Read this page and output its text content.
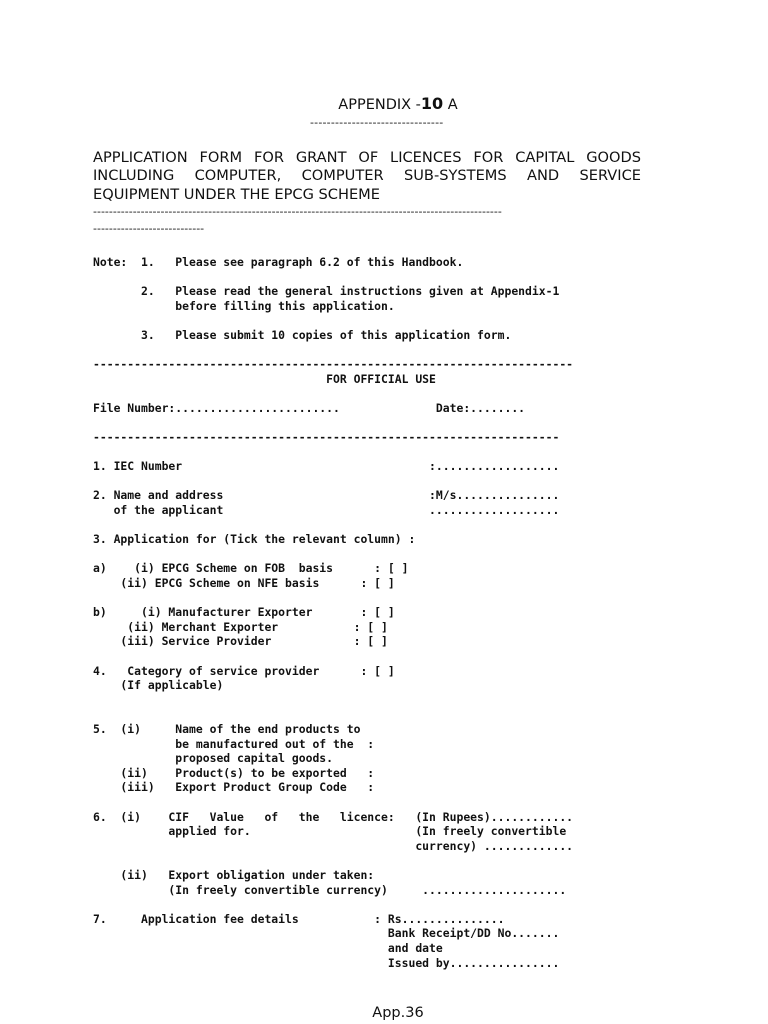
APPENDIX -10 A
--------------------------------
APPLICATION FORM FOR GRANT OF LICENCES FOR CAPITAL GOODS INCLUDING COMPUTER, COMPUTER SUB-SYSTEMS AND SERVICE EQUIPMENT UNDER THE EPCG SCHEME
-------------------------------------------------------------------------------------------------------
----------------------------
Note:  1.   Please see paragraph 6.2 of this Handbook.
2.   Please read the general instructions given at Appendix-1
before filling this application.
3.   Please submit 10 copies of this application form.
----------------------------------------------------------------------
FOR OFFICIAL USE
File Number:........................              Date:........
--------------------------------------------------------------------
1. IEC Number                                    :..................
2. Name and address                              :M/s...............
of the applicant                              ...................
3. Application for (Tick the relevant column) :
a)    (i) EPCG Scheme on FOB  basis      : [ ]
(ii) EPCG Scheme on NFE basis      : [ ]
b)     (i) Manufacturer Exporter       : [ ]
(ii) Merchant Exporter           : [ ]
(iii) Service Provider            : [ ]
4.   Category of service provider      : [ ]
(If applicable)
5.  (i)     Name of the end products to
be manufactured out of the  :
proposed capital goods.
(ii)    Product(s) to be exported   :
(iii)   Export Product Group Code   :
6.  (i)    CIF   Value   of   the   licence:   (In Rupees)............
applied for.                        (In freely convertible
currency) .............
(ii)   Export obligation under taken:
(In freely convertible currency)     .....................
7.     Application fee details           : Rs...............
Bank Receipt/DD No.......
and date
Issued by................
App.36
